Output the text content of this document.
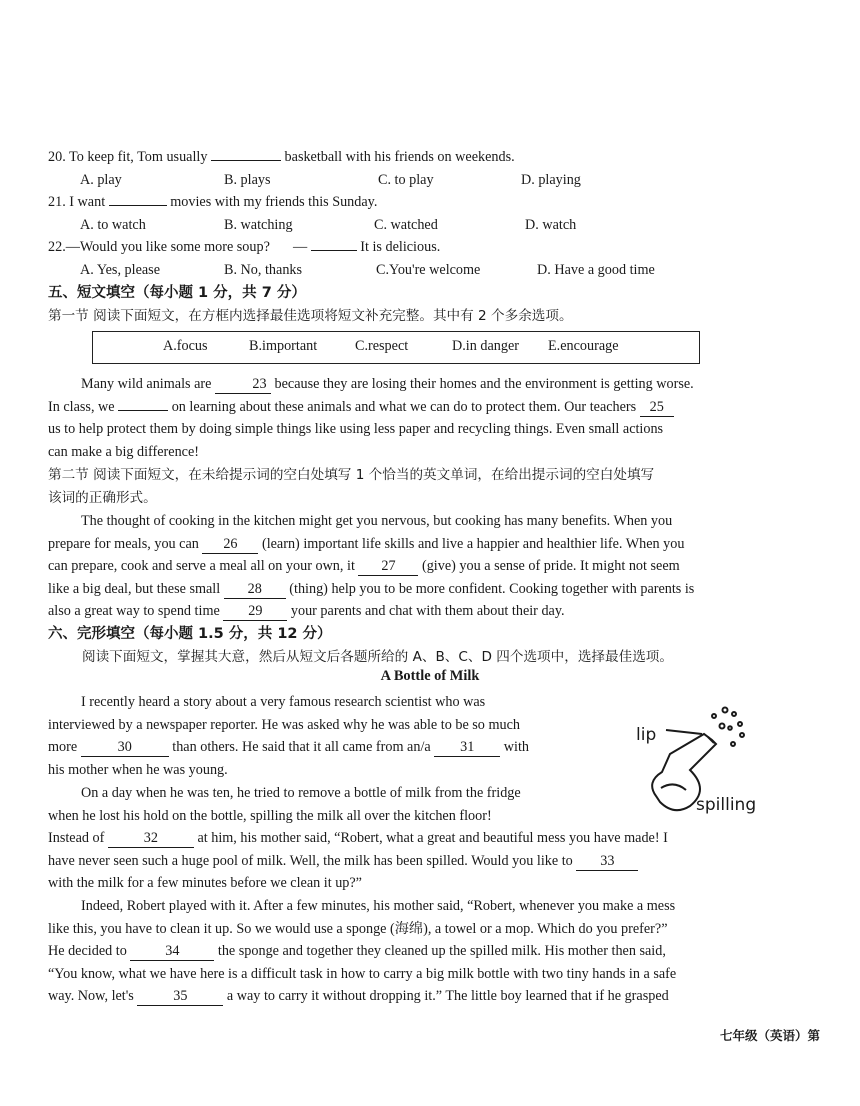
20. To keep fit, Tom usually	basketball with his friends on weekends.
A. play	B. plays	C. to play	D. playing
21. I want	movies with my friends this Sunday.
A. to watch	B. watching	C. watched	D. watch
22.—Would you like some more soup? —	It is delicious.
A. Yes, please	B. No, thanks	C.You're welcome	D. Have a good time
五、短文填空（每小题 1 分，共 7 分）
第一节 阅读下面短文，在方框内选择最佳选项将短文补充完整。其中有 2 个多余选项。
A.focus	B.important	C.respect	D.in danger E.encourage

Many wild animals are	23 because they are losing their homes and the environment is getting worse.

In class, we	on learning about these animals and what we can do to protect them. Our teachers 25

us to help protect them by doing simple things like using less paper and recycling things. Even small actions

can make a big difference!

第二节 阅读下面短文，在未给提示词的空白处填写 1 个恰当的英文单词，在给出提示词的空白处填写
该词的正确形式。

The thought of cooking in the kitchen might get you nervous, but cooking has many benefits. When you

prepare for meals, you can 26 (learn) important life skills and live a happier and healthier life. When you

can prepare, cook and serve a meal all on your own, it 27 (give) you a sense of pride. It might not seem

like a big deal, but these small 28 (thing) help you to be more confident. Cooking together with parents is

also a great way to spend time 29 your parents and chat with them about their day.

六、完形填空（每小题 1.5 分，共 12 分）
阅读下面短文，掌握其大意，然后从短文后各题所给的 A、B、C、D 四个选项中，选择最佳选项。
A Bottle of Milk

I recently heard a story about a very famous research scientist who was

interviewed by a newspaper reporter. He was asked why he was able to be so much

more	30	than others. He said that it all came from an/a 31 with

his mother when he was young.

lip
spilling

On a day when he was ten, he tried to remove a bottle of milk from the fridge

when he lost his hold on the bottle, spilling the milk all over the kitchen floor!

Instead of	32	at him, his mother said, “Robert, what a great and beautiful mess you have made! I

have never seen such a huge pool of milk. Well, the milk has been spilled. Would you like to 33

with the milk for a few minutes before we clean it up?”

Indeed, Robert played with it. After a few minutes, his mother said, “Robert, whenever you make a mess

like this, you have to clean it up. So we would use a sponge (海绵), a towel or a mop. Which do you prefer?”

He decided to	34	the sponge and together they cleaned up the spilled milk. His mother then said,

“You know, what we have here is a difficult task in how to carry a big milk bottle with two tiny hands in a safe

way. Now, let's	35	a way to carry it without dropping it.” The little boy learned that if he grasped

七年级（英语）第
